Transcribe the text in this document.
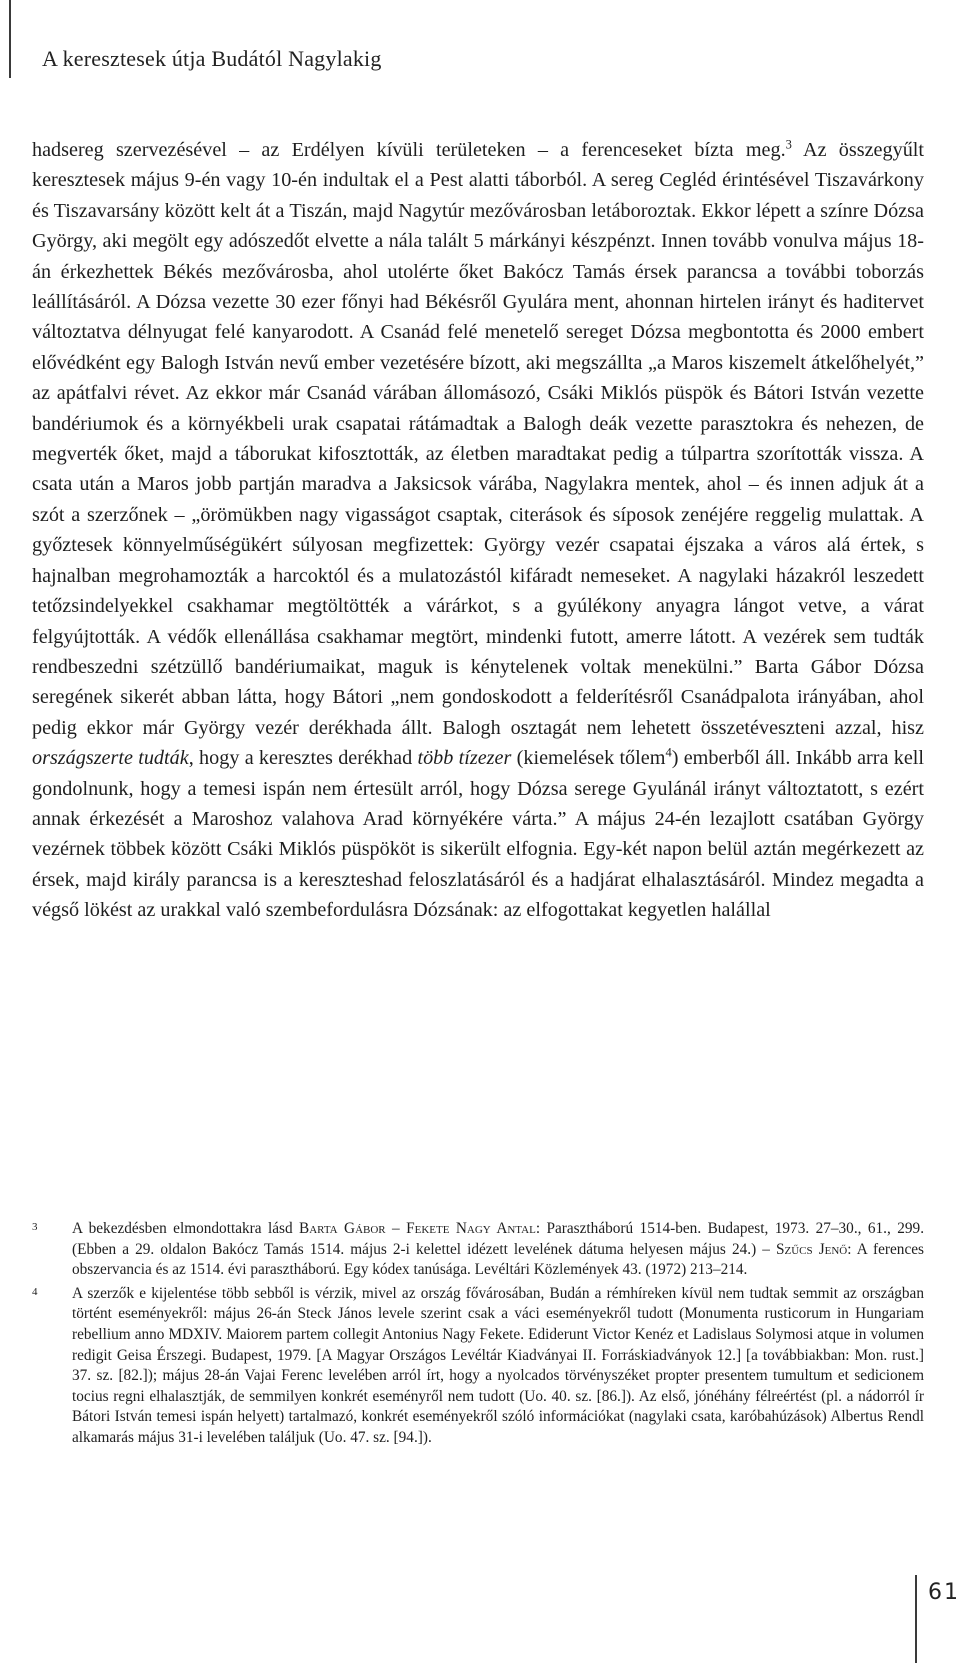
A keresztesek útja Budától Nagylakig

hadsereg szervezésével – az Erdélyen kívüli területeken – a ferenceseket bízta meg.$^3$ Az összegyűlt keresztesek május 9-én vagy 10-én indultak el a Pest alatti táborból. A sereg Cegléd érintésével Tiszavárkony és Tiszavarsány között kelt át a Tiszán, majd Nagytúr mezővárosban letáboroztak. Ekkor lépett a színre Dózsa György, aki megölt egy adószedőt elvette a nála talált 5 márkányi készpénzt. Innen tovább vonulva május 18-án érkezhettek Békés mezővárosba, ahol utolérte őket Bakócz Tamás érsek parancsa a további toborzás leállításáról. A Dózsa vezette 30 ezer főnyi had Békésről Gyulára ment, ahonnan hirtelen irányt és haditervet változtatva délnyugat felé kanyarodott. A Csanád felé menetelő sereget Dózsa megbontotta és 2000 embert elővédként egy Balogh István nevű ember vezetésére bízott, aki megszállta „a Maros kiszemelt átkelőhelyét,” az apátfalvi révet. Az ekkor már Csanád várában állomásozó, Csáki Miklós püspök és Bátori István vezette bandériumok és a környékbeli urak csapatai rátámadtak a Balogh deák vezette parasztokra és nehezen, de megverték őket, majd a táborukat kifosztották, az életben maradtakat pedig a túlpartra szorították vissza. A csata után a Maros jobb partján maradva a Jaksicsok várába, Nagylakra mentek, ahol – és innen adjuk át a szót a szerzőnek – „örömükben nagy vigasságot csaptak, citerások és síposok zenéjére reggelig mulattak. A győztesek könnyelműségükért súlyosan megfizettek: György vezér csapatai éjszaka a város alá értek, s hajnalban megrohamozták a harcoktól és a mulatozástól kifáradt nemeseket. A nagylaki házakról leszedett tetőzsindelyekkel csakhamar megtöltötték a várárkot, s a gyúlékony anyagra lángot vetve, a várat felgyújtották. A védők ellenállása csakhamar megtört, mindenki futott, amerre látott. A vezérek sem tudták rendbeszedni szétzüllő bandériumaikat, maguk is kénytelenek voltak menekülni.” Barta Gábor Dózsa seregének sikerét abban látta, hogy Bátori „nem gondoskodott a felderítésről Csanádpalota irányában, ahol pedig ekkor már György vezér derékhada állt. Balogh osztagát nem lehetett összetéveszteni azzal, hisz országszerte tudták, hogy a keresztes derékhad több tízezer (kiemelések tőlem$^4$) emberből áll. Inkább arra kell gondolnunk, hogy a temesi ispán nem értesült arról, hogy Dózsa serege Gyulánál irányt változtatott, s ezért annak érkezését a Maroshoz valahova Arad környékére várta.” A május 24-én lezajlott csatában György vezérnek többek között Csáki Miklós püspököt is sikerült elfognia. Egy-két napon belül aztán megérkezett az érsek, majd király parancsa is a kereszteshad feloszlatásáról és a hadjárat elhalasztásáról. Mindez megadta a végső lökést az urakkal való szembefordulásra Dózsának: az elfogottakat kegyetlen halállal

3 A bekezdésben elmondottakra lásd Barta Gábor – Fekete Nagy Antal: Parasztháború 1514-ben. Budapest, 1973. 27–30., 61., 299. (Ebben a 29. oldalon Bakócz Tamás 1514. május 2-i kelettel idézett levelének dátuma helyesen május 24.) – Szűcs Jenő: A ferences obszervancia és az 1514. évi parasztháború. Egy kódex tanúsága. Levéltári Közlemények 43. (1972) 213–214.

4 A szerzők e kijelentése több sebből is vérzik, mivel az ország fővárosában, Budán a rémhíreken kívül nem tudtak semmit az országban történt eseményekről: május 26-án Steck János levele szerint csak a váci eseményekről tudott (Monumenta rusticorum in Hungariam rebellium anno MDXIV. Maiorem partem collegit Antonius Nagy Fekete. Ediderunt Victor Kenéz et Ladislaus Solymosi atque in volumen redigit Geisa Érszegi. Budapest, 1979. [A Magyar Országos Levéltár Kiadványai II. Forráskiadványok 12.] [a továbbiakban: Mon. rust.] 37. sz. [82.]); május 28-án Vajai Ferenc levelében arról írt, hogy a nyolcados törvényszéket propter presentem tumultum et sedicionem tocius regni elhalasztják, de semmilyen konkrét eseményről nem tudott (Uo. 40. sz. [86.]). Az első, jónéhány félreértést (pl. a nádorról ír Bátori István temesi ispán helyett) tartalmazó, konkrét eseményekről szóló információkat (nagylaki csata, karóbahúzások) Albertus Rendl alkamarás május 31-i levelében találjuk (Uo. 47. sz. [94.]).

61
